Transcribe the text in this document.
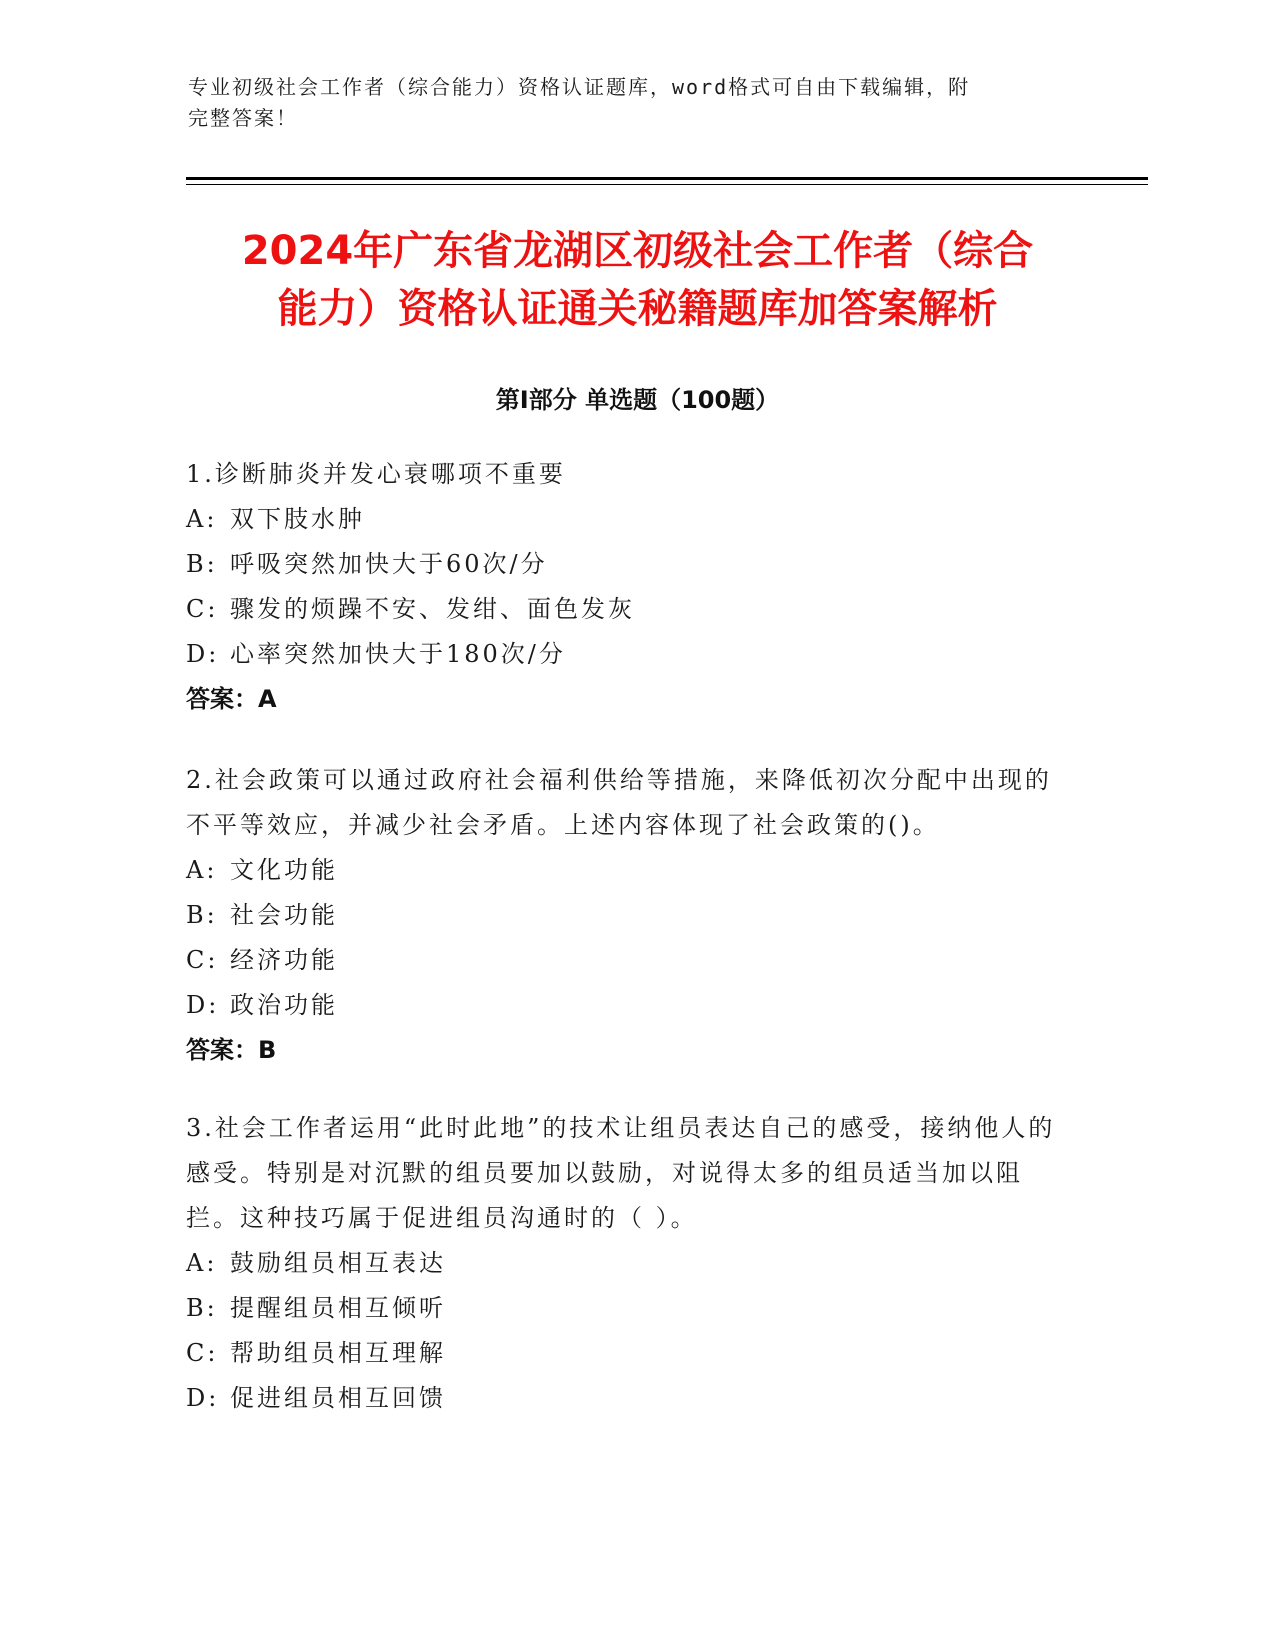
专业初级社会工作者（综合能力）资格认证题库，word格式可自由下载编辑，附
完整答案！
2024年广东省龙湖区初级社会工作者（综合
能力）资格认证通关秘籍题库加答案解析
第Ⅰ部分 单选题（100题）
1.诊断肺炎并发心衰哪项不重要
A: 双下肢水肿
B: 呼吸突然加快大于60次/分
C: 骤发的烦躁不安、发绀、面色发灰
D: 心率突然加快大于180次/分
答案：A
2.社会政策可以通过政府社会福利供给等措施，来降低初次分配中出现的不平等效应，并减少社会矛盾。上述内容体现了社会政策的()。
A: 文化功能
B: 社会功能
C: 经济功能
D: 政治功能
答案：B
3.社会工作者运用“此时此地”的技术让组员表达自己的感受，接纳他人的感受。特别是对沉默的组员要加以鼓励，对说得太多的组员适当加以阻拦。这种技巧属于促进组员沟通时的（ ）。
A: 鼓励组员相互表达
B: 提醒组员相互倾听
C: 帮助组员相互理解
D: 促进组员相互回馈
